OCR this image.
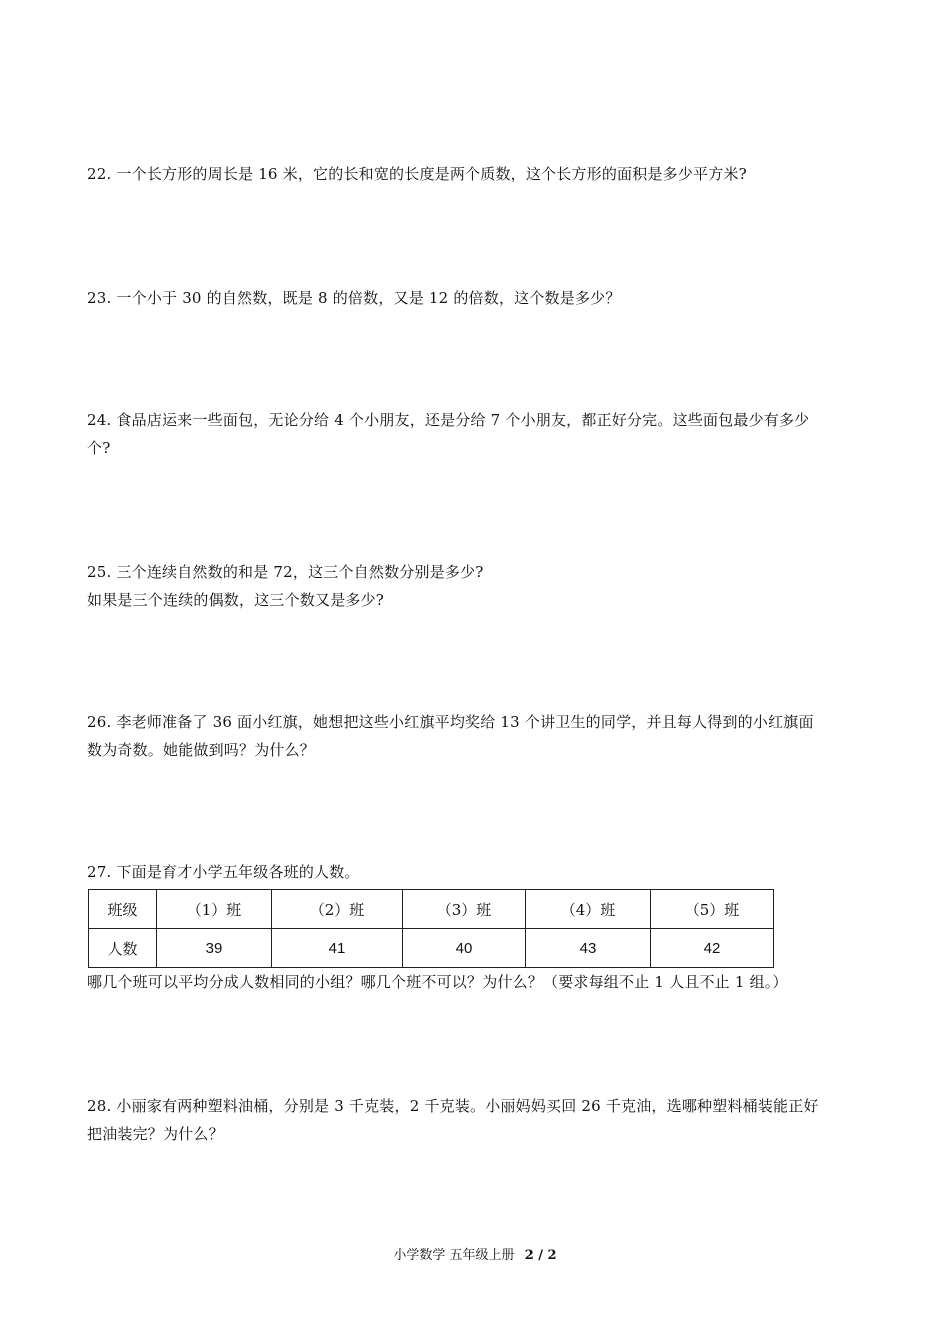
22. 一个长方形的周长是 16 米，它的长和宽的长度是两个质数，这个长方形的面积是多少平方米?

23. 一个小于 30 的自然数，既是 8 的倍数，又是 12 的倍数，这个数是多少？

24. 食品店运来一些面包，无论分给 4 个小朋友，还是分给 7 个小朋友，都正好分完。这些面包最少有多少

个?

25. 三个连续自然数的和是 72，这三个自然数分别是多少?

如果是三个连续的偶数，这三个数又是多少?

26. 李老师准备了 36 面小红旗，她想把这些小红旗平均奖给 13 个讲卫生的同学，并且每人得到的小红旗面

数为奇数。她能做到吗？为什么？

27. 下面是育才小学五年级各班的人数。

班级	（1）班	（2）班	（3）班	（4）班	（5）班
人数	39	41	40	43	42

哪几个班可以平均分成人数相同的小组？哪几个班不可以？为什么？（要求每组不止 1 人且不止 1 组。）

28. 小丽家有两种塑料油桶，分别是 3 千克装，2 千克装。小丽妈妈买回 26 千克油，选哪种塑料桶装能正好

把油装完？为什么？

小学数学 五年级上册 2 / 2
